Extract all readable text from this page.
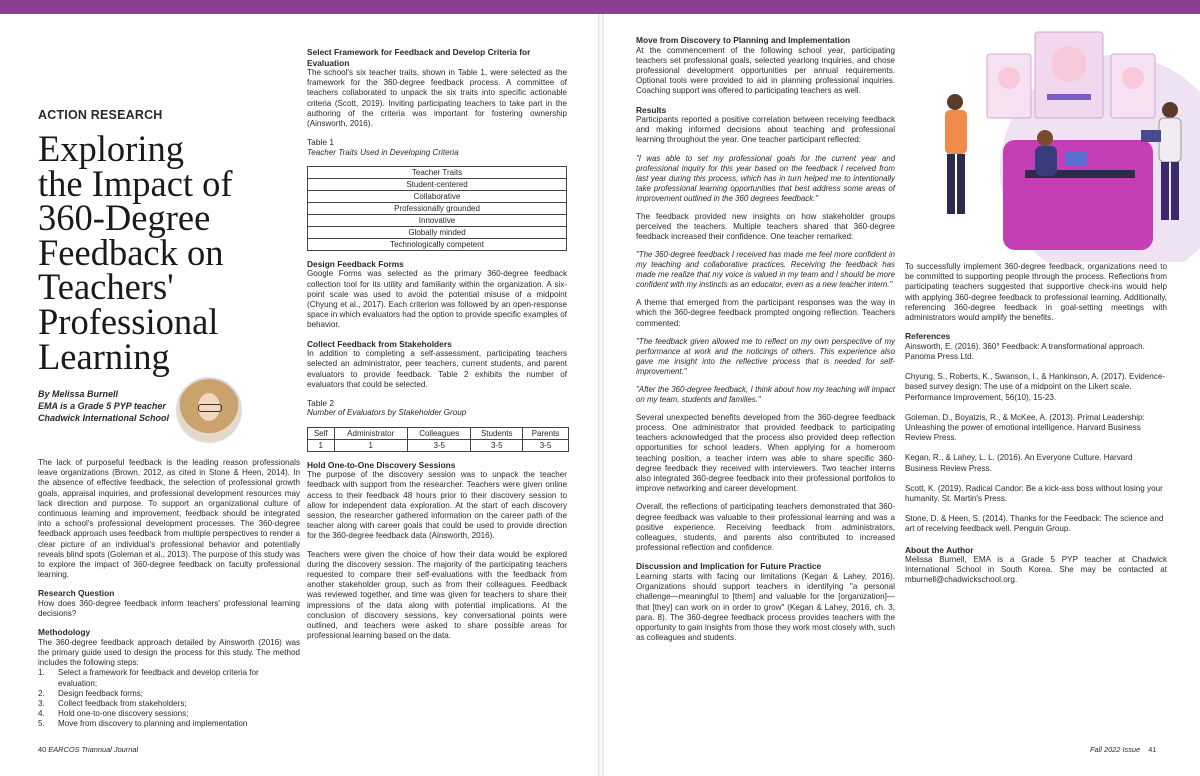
ACTION RESEARCH

Exploring

the Impact of

360-Degree

Feedback on

Teachers'

Professional

Learning

By Melissa Burnell
EMA is a Grade 5 PYP teacher
Chadwick International School

The lack of purposeful feedback is the leading reason professionals leave organizations (Brown, 2012, as cited in Stone & Heen, 2014). In the absence of effective feedback, the selection of professional growth goals, appraisal inquiries, and professional development resources may lack direction and purpose. To support an organizational culture of continuous learning and improvement, feedback should be integrated into a school's professional development processes. The 360-degree feedback approach uses feedback from multiple perspectives to render a clear picture of an individual's professional behavior and potentially reveals blind spots (Goleman et al., 2013). The purpose of this study was to explore the impact of 360-degree feedback on faculty professional learning.

Research Question

How does 360-degree feedback inform teachers' professional learning decisions?

Methodology

The 360-degree feedback approach detailed by Ainsworth (2016) was the primary guide used to design the process for this study. The method includes the following steps:

1.	Select a framework for feedback and develop criteria for evaluation;
2.	Design feedback forms;
3.	Collect feedback from stakeholders;
4.	Hold one-to-one discovery sessions;
5.	Move from discovery to planning and implementation

Select Framework for Feedback and Develop Criteria for Evaluation

The school's six teacher traits, shown in Table 1, were selected as the framework for the 360-degree feedback process. A committee of teachers collaborated to unpack the six traits into specific actionable criteria (Scott, 2019). Inviting participating teachers to take part in the authoring of the criteria was important for fostering ownership (Ainsworth, 2016).

Table 1

Teacher Traits Used in Developing Criteria

Teacher Traits
Student-centered
Collaborative
Professionally grounded
Innovative
Globally minded
Technologically competent

Design Feedback Forms

Google Forms was selected as the primary 360-degree feedback collection tool for its utility and familiarity within the organization. A six-point scale was used to avoid the potential misuse of a midpoint (Chyung et al., 2017). Each criterion was followed by an open-response space in which evaluators had the option to provide specific examples of behavior.

Collect Feedback from Stakeholders

In addition to completing a self-assessment, participating teachers selected an administrator, peer teachers, current students, and parent evaluators to provide feedback. Table 2 exhibits the number of evaluators that could be selected.

Table 2

Number of Evaluators by Stakeholder Group

Self	Administrator	Colleagues	Students	Parents
1	1	3-5	3-5	3-5

Hold One-to-One Discovery Sessions

The purpose of the discovery session was to unpack the teacher feedback with support from the researcher. Teachers were given online access to their feedback 48 hours prior to their discovery session to allow for independent data exploration. At the start of each discovery session, the researcher gathered information on the career path of the teacher along with career goals that could be used to provide direction for the 360-degree feedback data (Ainsworth, 2016).

Teachers were given the choice of how their data would be explored during the discovery session. The majority of the participating teachers requested to compare their self-evaluations with the feedback from another stakeholder group, such as from their colleagues. Feedback was reviewed together, and time was given for teachers to share their impressions of the data along with potential implications. At the conclusion of discovery sessions, key conversational points were outlined, and teachers were asked to share possible areas for professional learning based on the data.

40 EARCOS Triannual Journal

Move from Discovery to Planning and Implementation

At the commencement of the following school year, participating teachers set professional goals, selected yearlong inquiries, and chose professional development opportunities per annual requirements. Optional tools were provided to aid in planning professional inquiries. Coaching support was offered to participating teachers as well.

Results

Participants reported a positive correlation between receiving feedback and making informed decisions about teaching and professional learning throughout the year. One teacher participant reflected:

"I was able to set my professional goals for the current year and professional inquiry for this year based on the feedback I received from last year during this process, which has in turn helped me to intentionally take professional learning opportunities that best address some areas of improvement outlined in the 360 degrees feedback."

The feedback provided new insights on how stakeholder groups perceived the teachers. Multiple teachers shared that 360-degree feedback increased their confidence. One teacher remarked:

"The 360-degree feedback I received has made me feel more confident in my teaching and collaborative practices. Receiving the feedback has made me realize that my voice is valued in my team and I should be more confident with my instincts as an educator, even as a new teacher intern."

A theme that emerged from the participant responses was the way in which the 360-degree feedback prompted ongoing reflection. Teachers commented:

"The feedback given allowed me to reflect on my own perspective of my performance at work and the noticings of others. This experience also gave me insight into the reflective process that is needed for self-improvement."

"After the 360-degree feedback, I think about how my teaching will impact on my team, students and families."

Several unexpected benefits developed from the 360-degree feedback process. One administrator that provided feedback to participating teachers acknowledged that the process also provided deep reflection opportunities for school leaders. When applying for a homeroom teaching position, a teacher intern was able to share specific 360-degree feedback they received with interviewers. Two teacher interns also integrated 360-degree feedback into their professional portfolios to improve networking and career development.

Overall, the reflections of participating teachers demonstrated that 360-degree feedback was valuable to their professional learning and was a positive experience. Receiving feedback from administrators, colleagues, students, and parents also contributed to increased professional reflection and confidence.

Discussion and Implication for Future Practice

Learning starts with facing our limitations (Kegan & Lahey, 2016). Organizations should support teachers in identifying "a personal challenge—meaningful to [them] and valuable for the [organization]—that [they] can work on in order to grow" (Kegan & Lahey, 2016, ch. 3, para. 8). The 360-degree feedback process provides teachers with the opportunity to gain insights from those they work most closely with, such as colleagues and students.

To successfully implement 360-degree feedback, organizations need to be committed to supporting people through the process. Reflections from participating teachers suggested that supportive check-ins would help with applying 360-degree feedback to professional learning. Additionally, referencing 360-degree feedback in goal-setting meetings with administrators would amplify the benefits.

References

Ainsworth, E. (2016). 360° Feedback: A transformational approach. Panoma Press Ltd.

Chyung, S., Roberts, K., Swanson, I., & Hankinson, A. (2017). Evidence-based survey design: The use of a midpoint on the Likert scale. Performance Improvement, 56(10), 15-23.

Goleman, D., Boyatzis, R., & McKee, A. (2013). Primal Leadership: Unleashing the power of emotional intelligence. Harvard Business Review Press.

Kegan, R., & Lahey, L. L. (2016). An Everyone Culture. Harvard Business Review Press.

Scott, K. (2019). Radical Candor: Be a kick-ass boss without losing your humanity. St. Martin's Press.

Stone, D. & Heen, S. (2014). Thanks for the Feedback: The science and art of receiving feedback well. Penguin Group.

About the Author

Melissa Burnell, EMA is a Grade 5 PYP teacher at Chadwick International School in South Korea. She may be contacted at mburnell@chadwickschool.org.

Fall 2022 Issue 41
